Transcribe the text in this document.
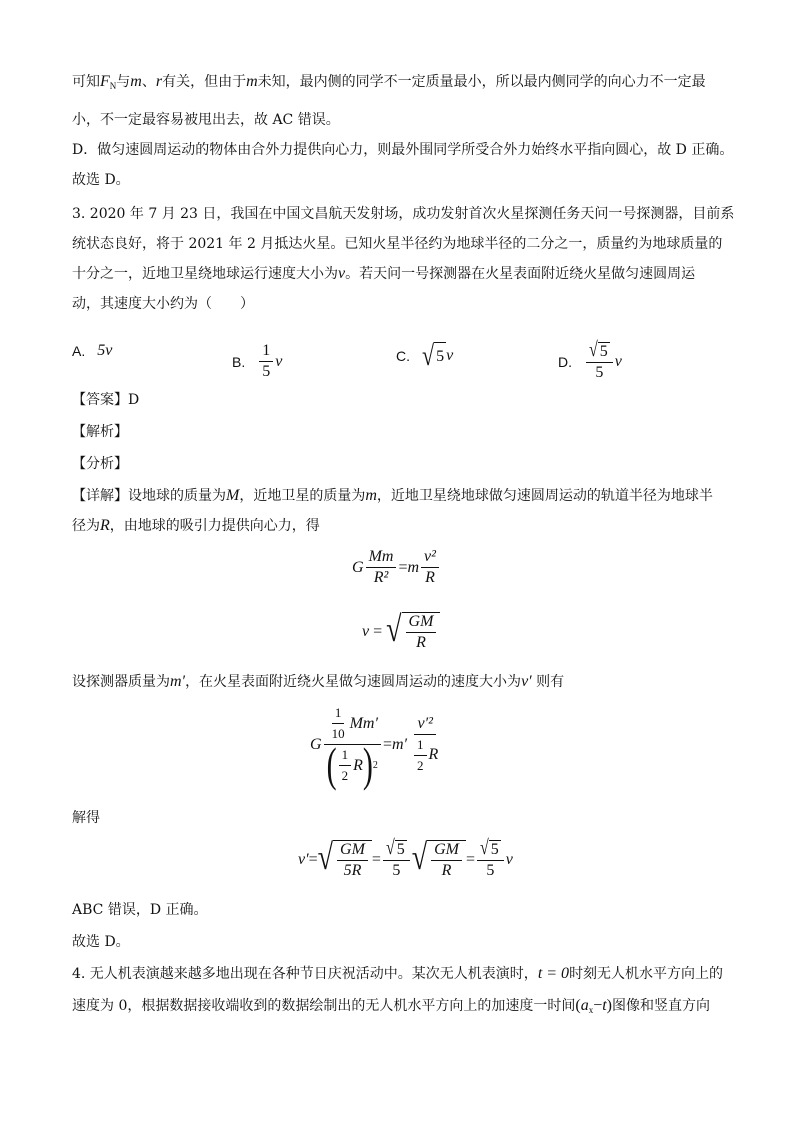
可知$F_N$与m、r有关，但由于m未知，最内侧的同学不一定质量最小，所以最内侧同学的向心力不一定最
小，不一定最容易被甩出去，故 AC 错误。
D．做匀速圆周运动的物体由合外力提供向心力，则最外围同学所受合外力始终水平指向圆心，故 D 正确。
故选 D。
3. 2020 年 7 月 23 日，我国在中国文昌航天发射场，成功发射首次火星探测任务天问一号探测器，目前系
统状态良好，将于 2021 年 2 月抵达火星。已知火星半径约为地球半径的二分之一，质量约为地球质量的
十分之一，近地卫星绕地球运行速度大小为v。若天问一号探测器在火星表面附近绕火星做匀速圆周运
动，其速度大小约为（　　）
A. 5v
B. $\frac{1}{5}$ v	C. √ 5 v	D. $\frac{√ 5}{5}$ v
【答案】D
【解析】
【分析】
【详解】设地球的质量为M，近地卫星的质量为m，近地卫星绕地球做匀速圆周运动的轨道半径为地球半
径为R，由地球的吸引力提供向心力，得
G $\frac{Mm}{\text{R²}} = m \frac{\text{v²}}{R}$
v = √ $\frac{GM}{R}$
设探测器质量为m′，在火星表面附近绕火星做匀速圆周运动的速度大小为v′ 则有
G $\frac{\frac{1}{10} Mm '}{( \frac{1}{2} R ) 2} = m' \frac{\text{v′²}}{\frac{1}{2} R}$
解得
v′ = √ $\frac{GM}{5R} = \frac{√ 5}{5}$ √ $\frac{GM}{R} = \frac{√ 5}{5}$ v
ABC 错误，D 正确。
故选 D。
4. 无人机表演越来越多地出现在各种节日庆祝活动中。某次无人机表演时，t = 0时刻无人机水平方向上的
速度为 0，根据数据接收端收到的数据绘制出的无人机水平方向上的加速度一时间$(a_x-t)$图像和竖直方向
